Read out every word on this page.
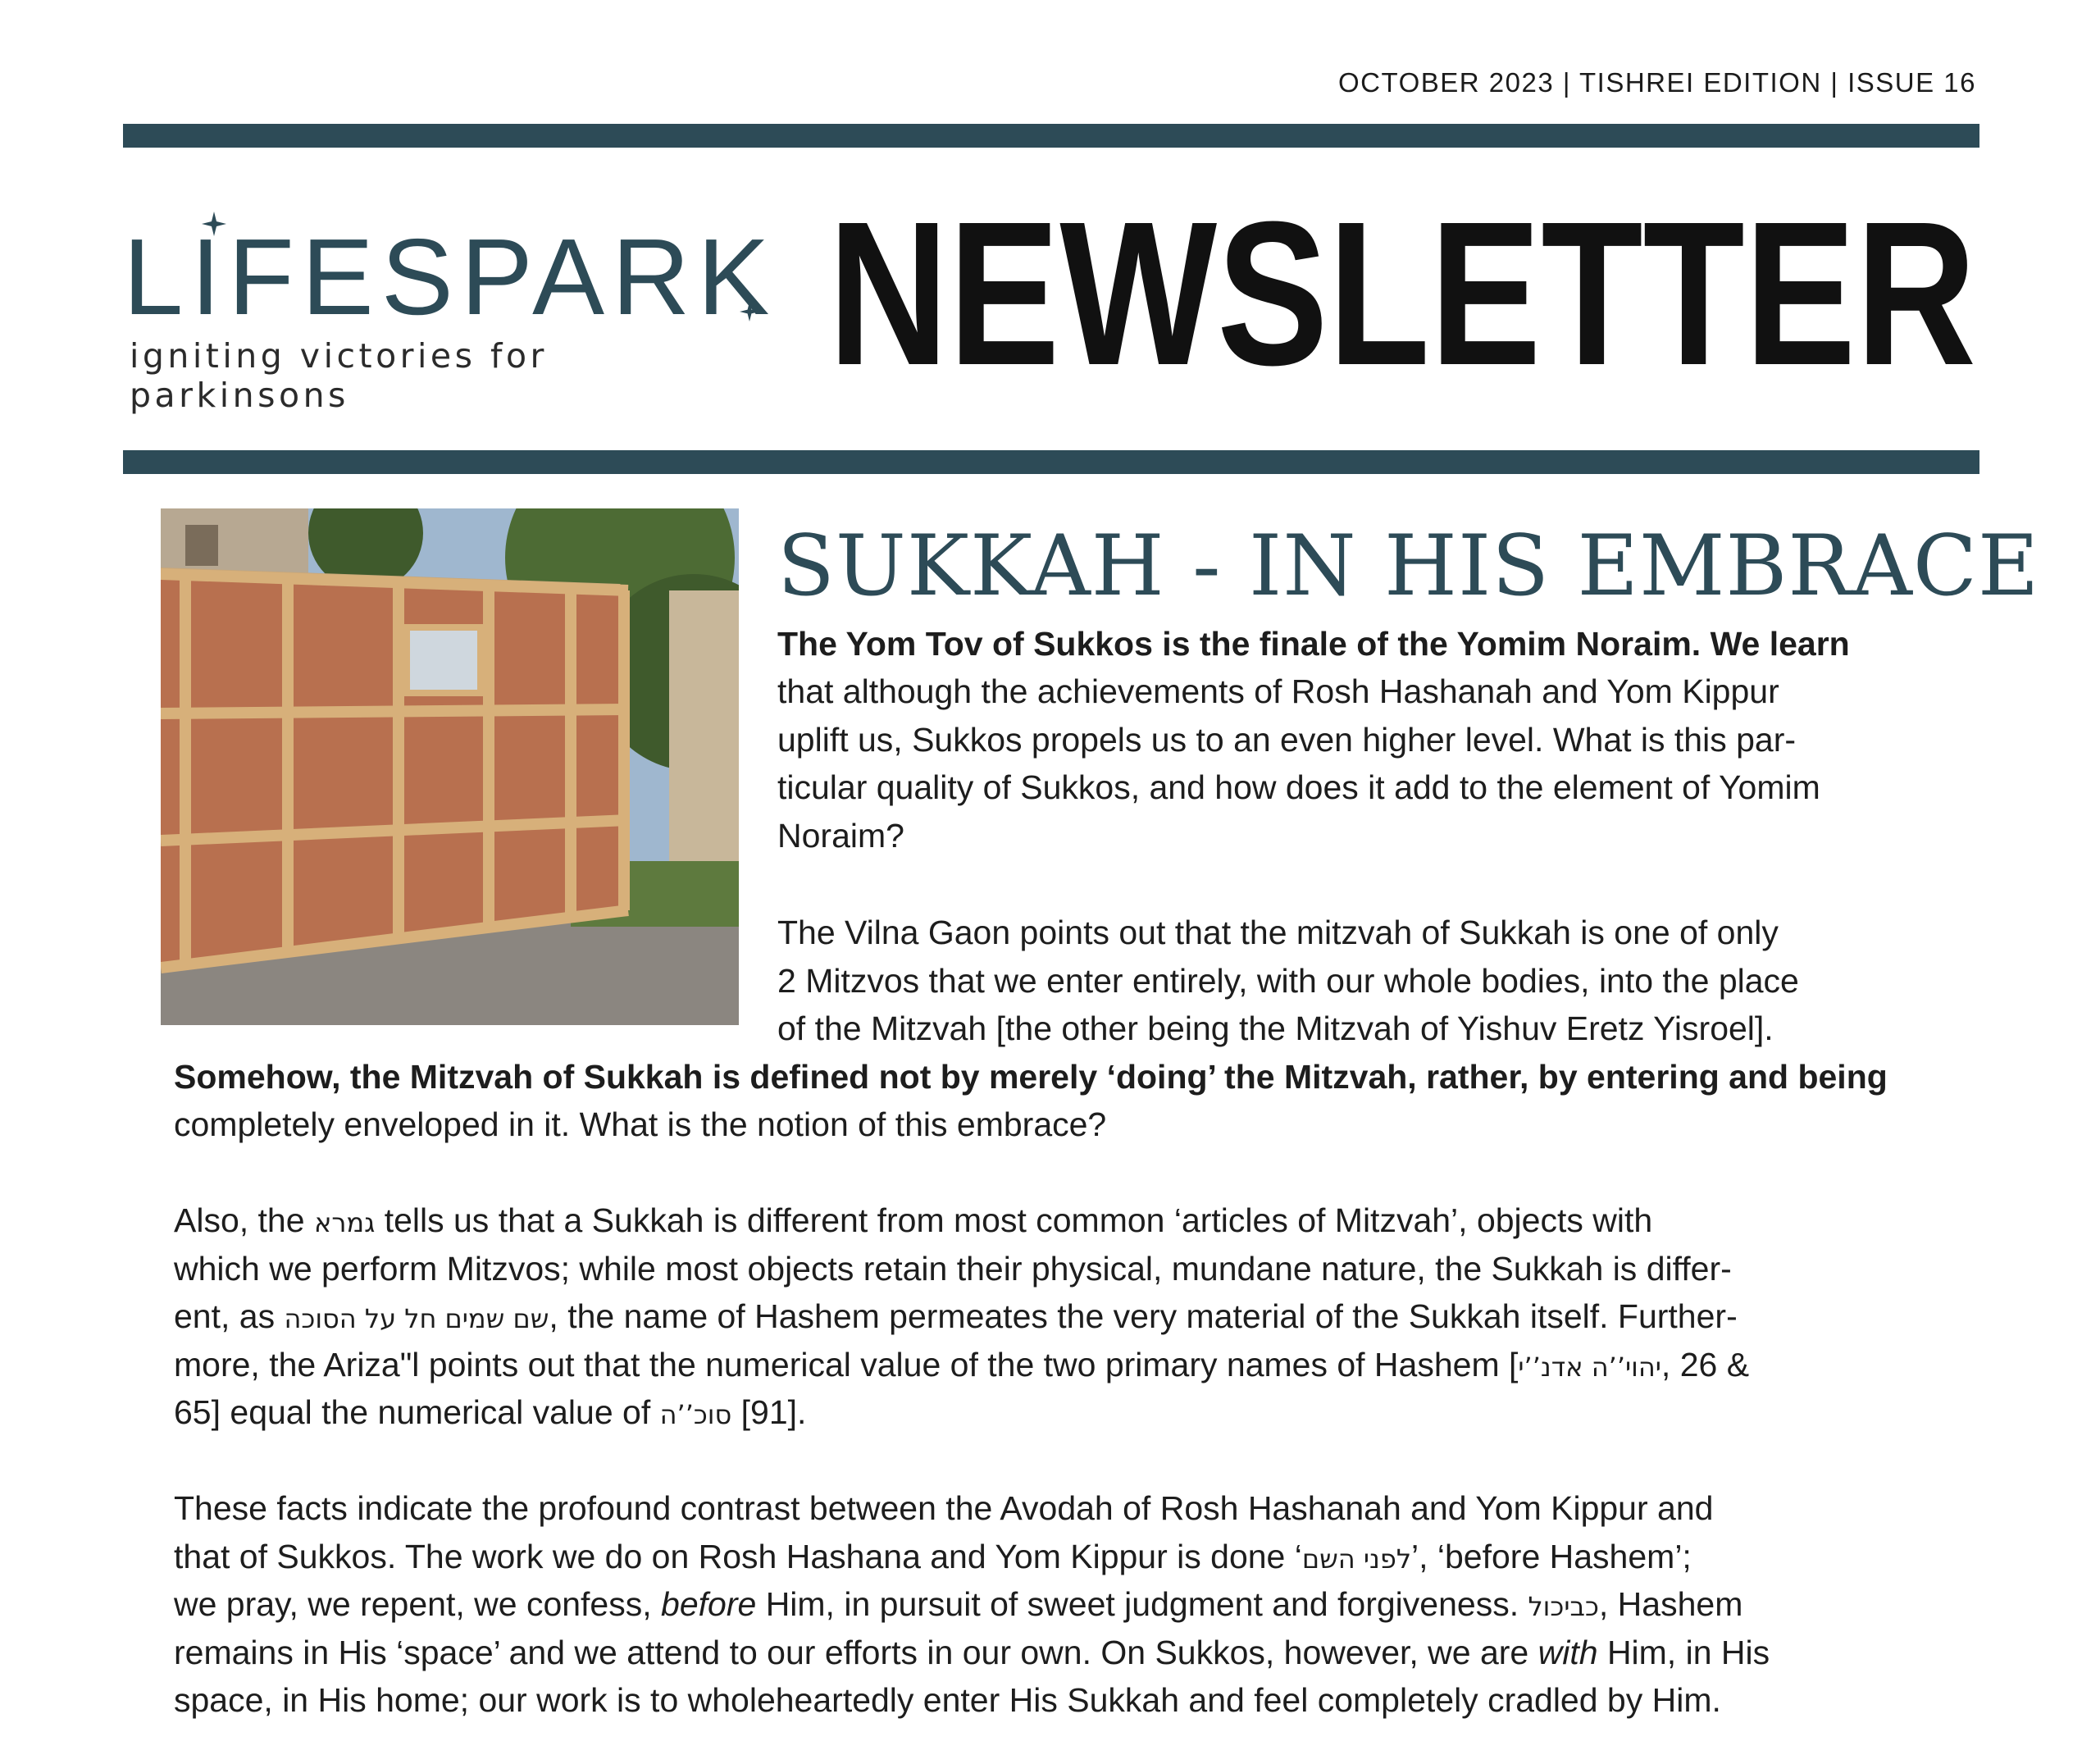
OCTOBER 2023 | TISHREI EDITION | ISSUE 16
LIFESPARK
igniting victories for parkinsons	NEWSLETTER
SUKKAH - IN HIS EMBRACE
The Yom Tov of Sukkos is the finale of the Yomim Noraim. We learn
that although the achievements of Rosh Hashanah and Yom Kippur
uplift us, Sukkos propels us to an even higher level. What is this par-
ticular quality of Sukkos, and how does it add to the element of Yomim
Noraim?
The Vilna Gaon points out that the mitzvah of Sukkah is one of only
2 Mitzvos that we enter entirely, with our whole bodies, into the place
of the Mitzvah [the other being the Mitzvah of Yishuv Eretz Yisroel].
Somehow, the Mitzvah of Sukkah is defined not by merely ‘doing’ the Mitzvah, rather, by entering and being
completely enveloped in it. What is the notion of this embrace?
Also, the גמרא tells us that a Sukkah is different from most common ‘articles of Mitzvah’, objects with
which we perform Mitzvos; while most objects retain their physical, mundane nature, the Sukkah is differ-
ent, as שם שמים חל על הסוכה, the name of Hashem permeates the very material of the Sukkah itself. Further-
more, the Ariza"l points out that the numerical value of the two primary names of Hashem [יהוי’’ה אדנ’’י, 26 &
65] equal the numerical value of סוכ’’ה [91].
These facts indicate the profound contrast between the Avodah of Rosh Hashanah and Yom Kippur and
that of Sukkos. The work we do on Rosh Hashana and Yom Kippur is done ‘לפני השם’, ‘before Hashem’;
we pray, we repent, we confess, before Him, in pursuit of sweet judgment and forgiveness. כביכול, Hashem
remains in His ‘space’ and we attend to our efforts in our own. On Sukkos, however, we are with Him, in His
space, in His home; our work is to wholeheartedly enter His Sukkah and feel completely cradled by Him.
